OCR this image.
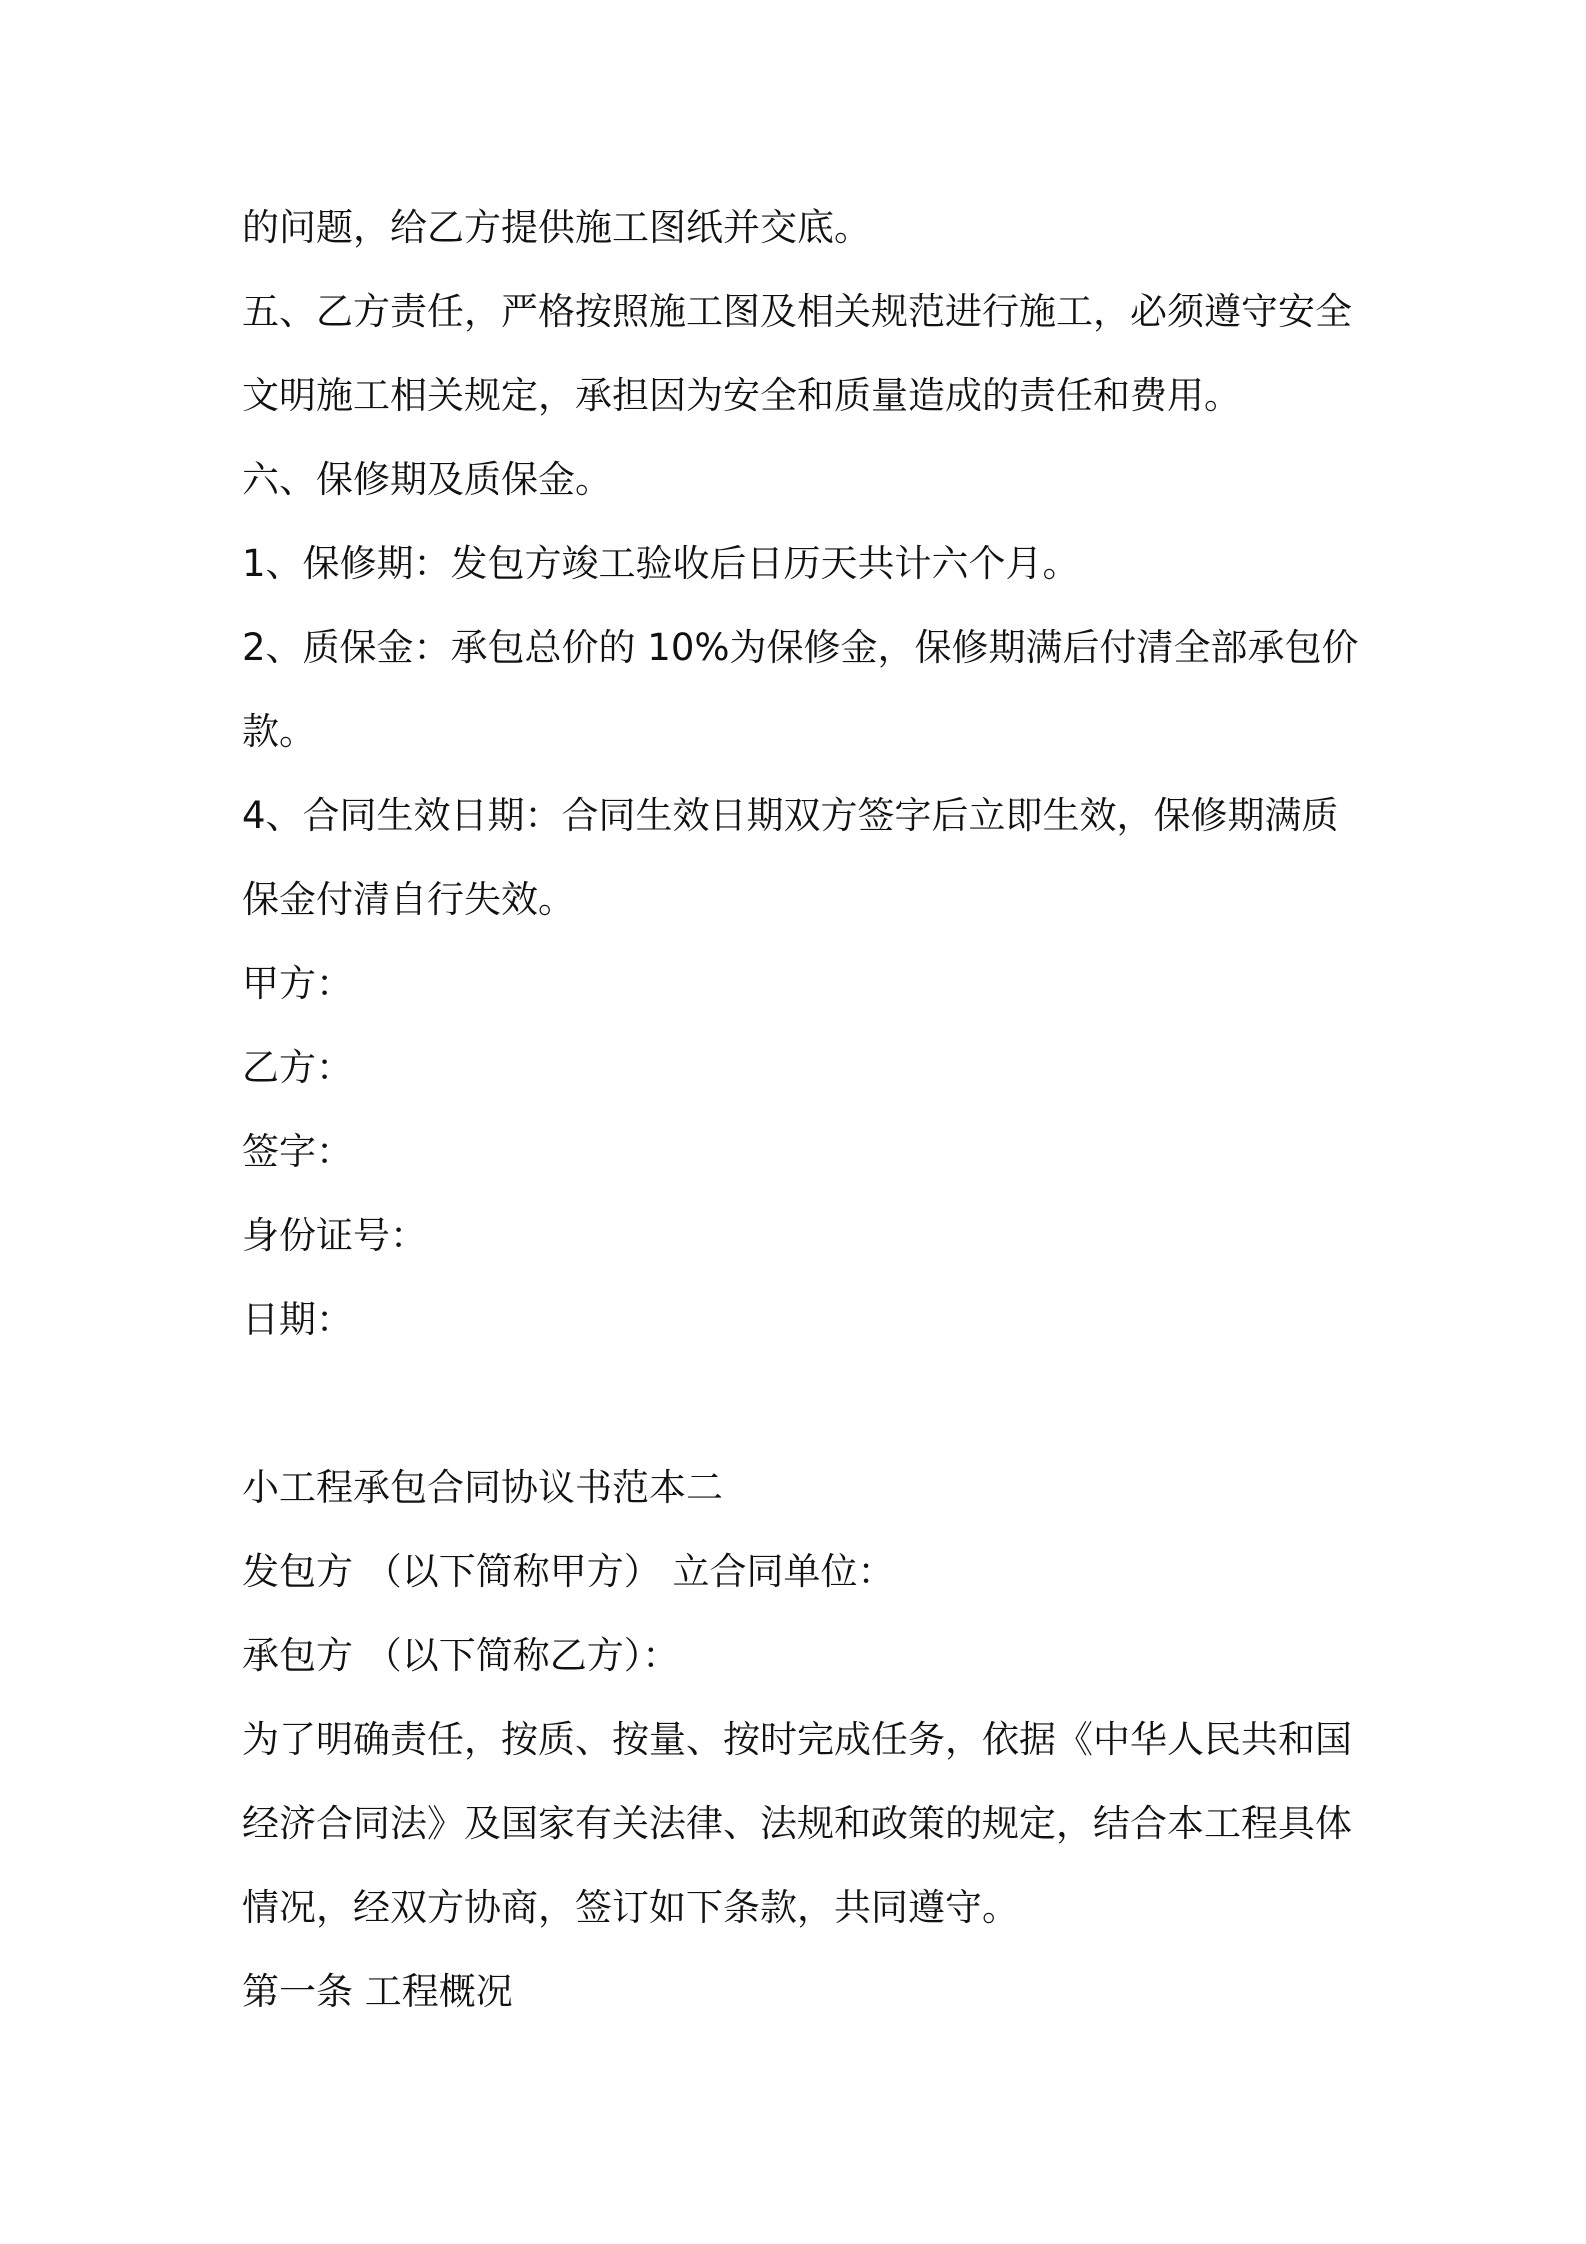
的问题，给乙方提供施工图纸并交底。
五、乙方责任，严格按照施工图及相关规范进行施工，必须遵守安全
文明施工相关规定，承担因为安全和质量造成的责任和费用。
六、保修期及质保金。
1、保修期：发包方竣工验收后日历天共计六个月。
2、质保金：承包总价的 10%为保修金，保修期满后付清全部承包价
款。
4、合同生效日期：合同生效日期双方签字后立即生效，保修期满质
保金付清自行失效。
甲方：
乙方：
签字：
身份证号：
日期：
小工程承包合同协议书范本二
发包方 （以下简称甲方） 立合同单位：
承包方 （以下简称乙方）：
为了明确责任，按质、按量、按时完成任务，依据《中华人民共和国
经济合同法》及国家有关法律、法规和政策的规定，结合本工程具体
情况，经双方协商，签订如下条款，共同遵守。
第一条 工程概况
